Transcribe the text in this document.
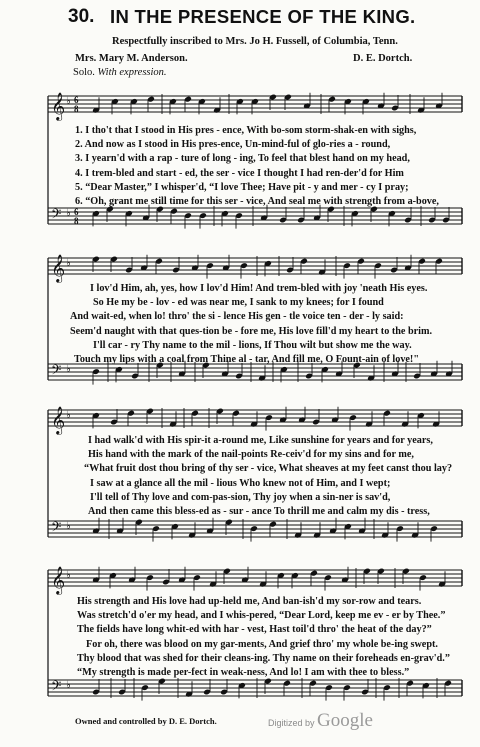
30. IN THE PRESENCE OF THE KING.
Respectfully inscribed to Mrs. Jo H. Fussell, of Columbia, Tenn.
Mrs. Mary M. Anderson.	D. E. Dortch.
Solo. With expression.
𝄞 ♭
𝄢 ♭
6
8
6
8
𝄞 ♭
𝄢 ♭
𝄞 ♭
𝄢 ♭
𝄞 ♭
𝄢 ♭
1. I tho't that I stood in His pres - ence, With bo-som storm-shak-en with sighs,
2. And now as I stood in His pres-ence, Un-mind-ful of glo-ries a - round,
3. I yearn'd with a rap - ture of long - ing, To feel that blest hand on my head,
4. I trem-bled and start - ed, the ser - vice I thought I had ren-der'd for Him
5. “Dear Master,” I whisper'd, “I love Thee; Have pit - y and mer - cy I pray;
6. “Oh, grant me still time for this ser - vice, And seal me with strength from a-bove,
I lov'd Him, ah, yes, how I lov'd Him! And trem-bled with joy 'neath His eyes.
So He my be - lov - ed was near me, I sank to my knees; for I found
And wait-ed, when lo! thro' the si - lence His gen - tle voice ten - der - ly said:
Seem'd naught with that ques-tion be - fore me, His love fill'd my heart to the brim.
I'll car - ry Thy name to the mil - lions, If Thou wilt but show me the way.
Touch my lips with a coal from Thine al - tar, And fill me, O Fount-ain of love!"
I had walk'd with His spir-it a-round me, Like sunshine for years and for years,
His hand with the mark of the nail-points Re-ceiv'd for my sins and for me,
“What fruit dost thou bring of thy ser - vice, What sheaves at my feet canst thou lay?
I saw at a glance all the mil - lious Who knew not of Him, and I wept;
I'll tell of Thy love and com-pas-sion, Thy joy when a sin-ner is sav'd,
And then came this bless-ed as - sur - ance To thrill me and calm my dis - tress,
His strength and His love had up-held me, And ban-ish'd my sor-row and tears.
Was stretch'd o'er my head, and I whis-pered, “Dear Lord, keep me ev - er by Thee.”
The fields have long whit-ed with har - vest, Hast toil'd thro' the heat of the day?”
For oh, there was blood on my gar-ments, And grief thro' my whole be-ing swept.
Thy blood that was shed for their cleans-ing. Thy name on their foreheads en-grav'd.”
“My strength is made per-fect in weak-ness, And lo! I am with thee to bless.”
Owned and controlled by D. E. Dortch.	Digitized by Google
